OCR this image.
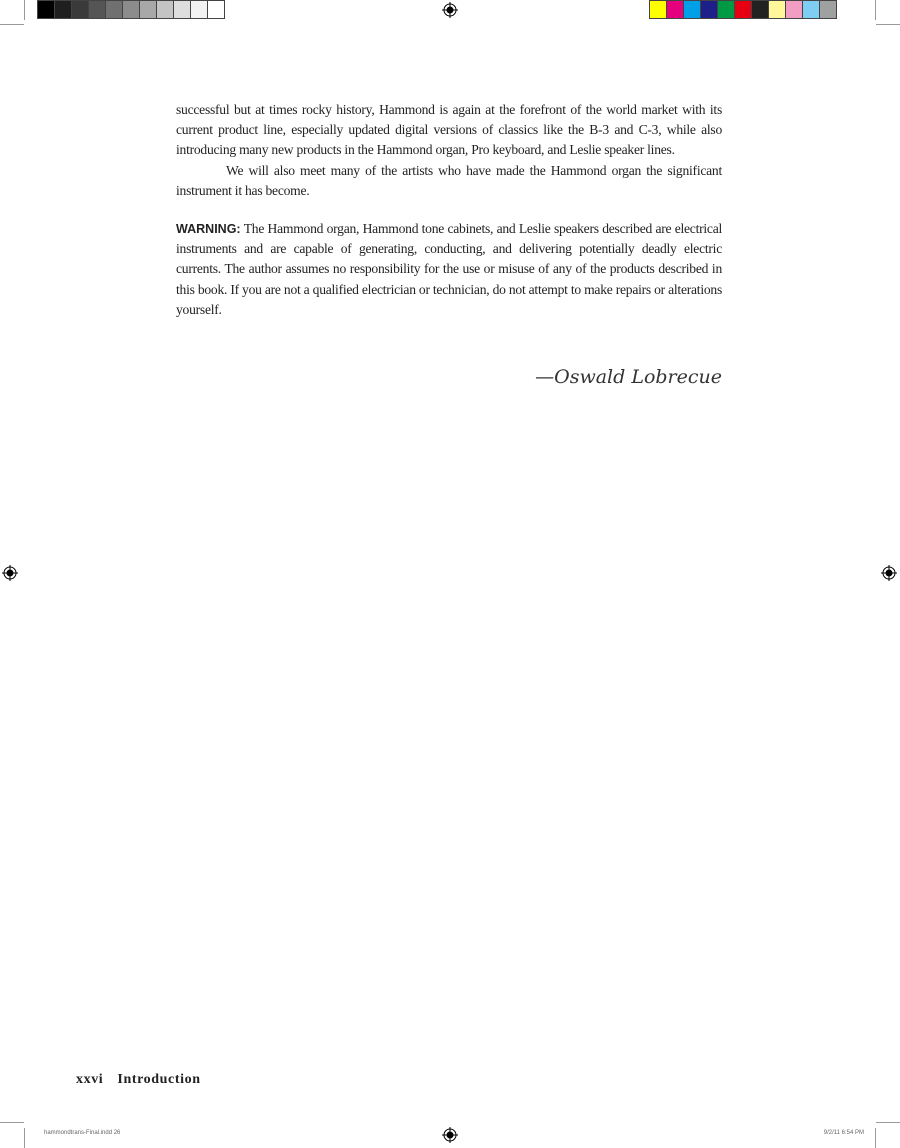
successful but at times rocky history, Hammond is again at the forefront of the world market with its current product line, especially updated digital versions of classics like the B-3 and C-3, while also introducing many new products in the Hammond organ, Pro keyboard, and Leslie speaker lines.

We will also meet many of the artists who have made the Hammond organ the significant instrument it has become.

WARNING: The Hammond organ, Hammond tone cabinets, and Leslie speakers described are electrical instruments and are capable of generating, conducting, and delivering potentially deadly electric currents. The author assumes no responsibility for the use or misuse of any of the products described in this book. If you are not a qualified electrician or technician, do not attempt to make repairs or alterations yourself.

—Oswald Lobrecue
xxvi Introduction
hammondtrans-Final.indd 26	9/2/11 6:54 PM
